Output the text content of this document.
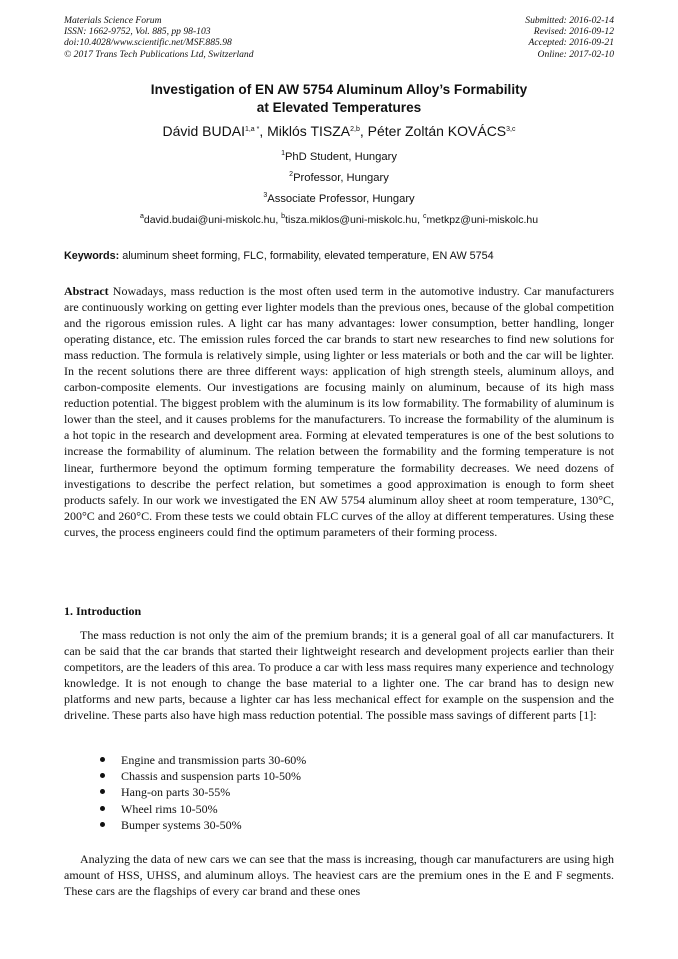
Materials Science Forum
ISSN: 1662-9752, Vol. 885, pp 98-103
doi:10.4028/www.scientific.net/MSF.885.98
© 2017 Trans Tech Publications Ltd, Switzerland
Submitted: 2016-02-14
Revised: 2016-09-12
Accepted: 2016-09-21
Online: 2017-02-10
Investigation of EN AW 5754 Aluminum Alloy’s Formability
at Elevated Temperatures
Dávid $BUDAI^{1,a *}$, Miklós TISZA$^{2,b}$, Péter Zoltán KOVÁCS$^{3,c}$
$^1$PhD Student, Hungary
$^2$Professor, Hungary
$^3$Associate Professor, Hungary
$^a$david.budai@uni-miskolc.hu, $^b$tisza.miklos@uni-miskolc.hu, $^c$metkpz@uni-miskolc.hu
Keywords: aluminum sheet forming, FLC, formability, elevated temperature, EN AW 5754
Abstract Nowadays, mass reduction is the most often used term in the automotive industry. Car manufacturers are continuously working on getting ever lighter models than the previous ones, because of the global competition and the rigorous emission rules. A light car has many advantages: lower consumption, better handling, longer operating distance, etc. The emission rules forced the car brands to start new researches to find new solutions for mass reduction. The formula is relatively simple, using lighter or less materials or both and the car will be lighter. In the recent solutions there are three different ways: application of high strength steels, aluminum alloys, and carbon-composite elements. Our investigations are focusing mainly on aluminum, because of its high mass reduction potential. The biggest problem with the aluminum is its low formability. The formability of aluminum is lower than the steel, and it causes problems for the manufacturers. To increase the formability of the aluminum is a hot topic in the research and development area. Forming at elevated temperatures is one of the best solutions to increase the formability of aluminum. The relation between the formability and the forming temperature is not linear, furthermore beyond the optimum forming temperature the formability decreases. We need dozens of investigations to describe the perfect relation, but sometimes a good approximation is enough to form sheet products safely. In our work we investigated the EN AW 5754 aluminum alloy sheet at room temperature, 130°C, 200°C and 260°C. From these tests we could obtain FLC curves of the alloy at different temperatures. Using these curves, the process engineers could find the optimum parameters of their forming process.
1. Introduction

The mass reduction is not only the aim of the premium brands; it is a general goal of all car manufacturers. It can be said that the car brands that started their lightweight research and development projects earlier than their competitors, are the leaders of this area. To produce a car with less mass requires many experience and technology knowledge. It is not enough to change the base material to a lighter one. The car brand has to design new platforms and new parts, because a lighter car has less mechanical effect for example on the suspension and the driveline. These parts also have high mass reduction potential. The possible mass savings of different parts [1]:

Engine and transmission parts 30-60%
Chassis and suspension parts 10-50%
Hang-on parts 30-55%
Wheel rims 10-50%
Bumper systems 30-50%

Analyzing the data of new cars we can see that the mass is increasing, though car manufacturers are using high amount of HSS, UHSS, and aluminum alloys. The heaviest cars are the premium ones in the E and F segments. These cars are the flagships of every car brand and these ones
